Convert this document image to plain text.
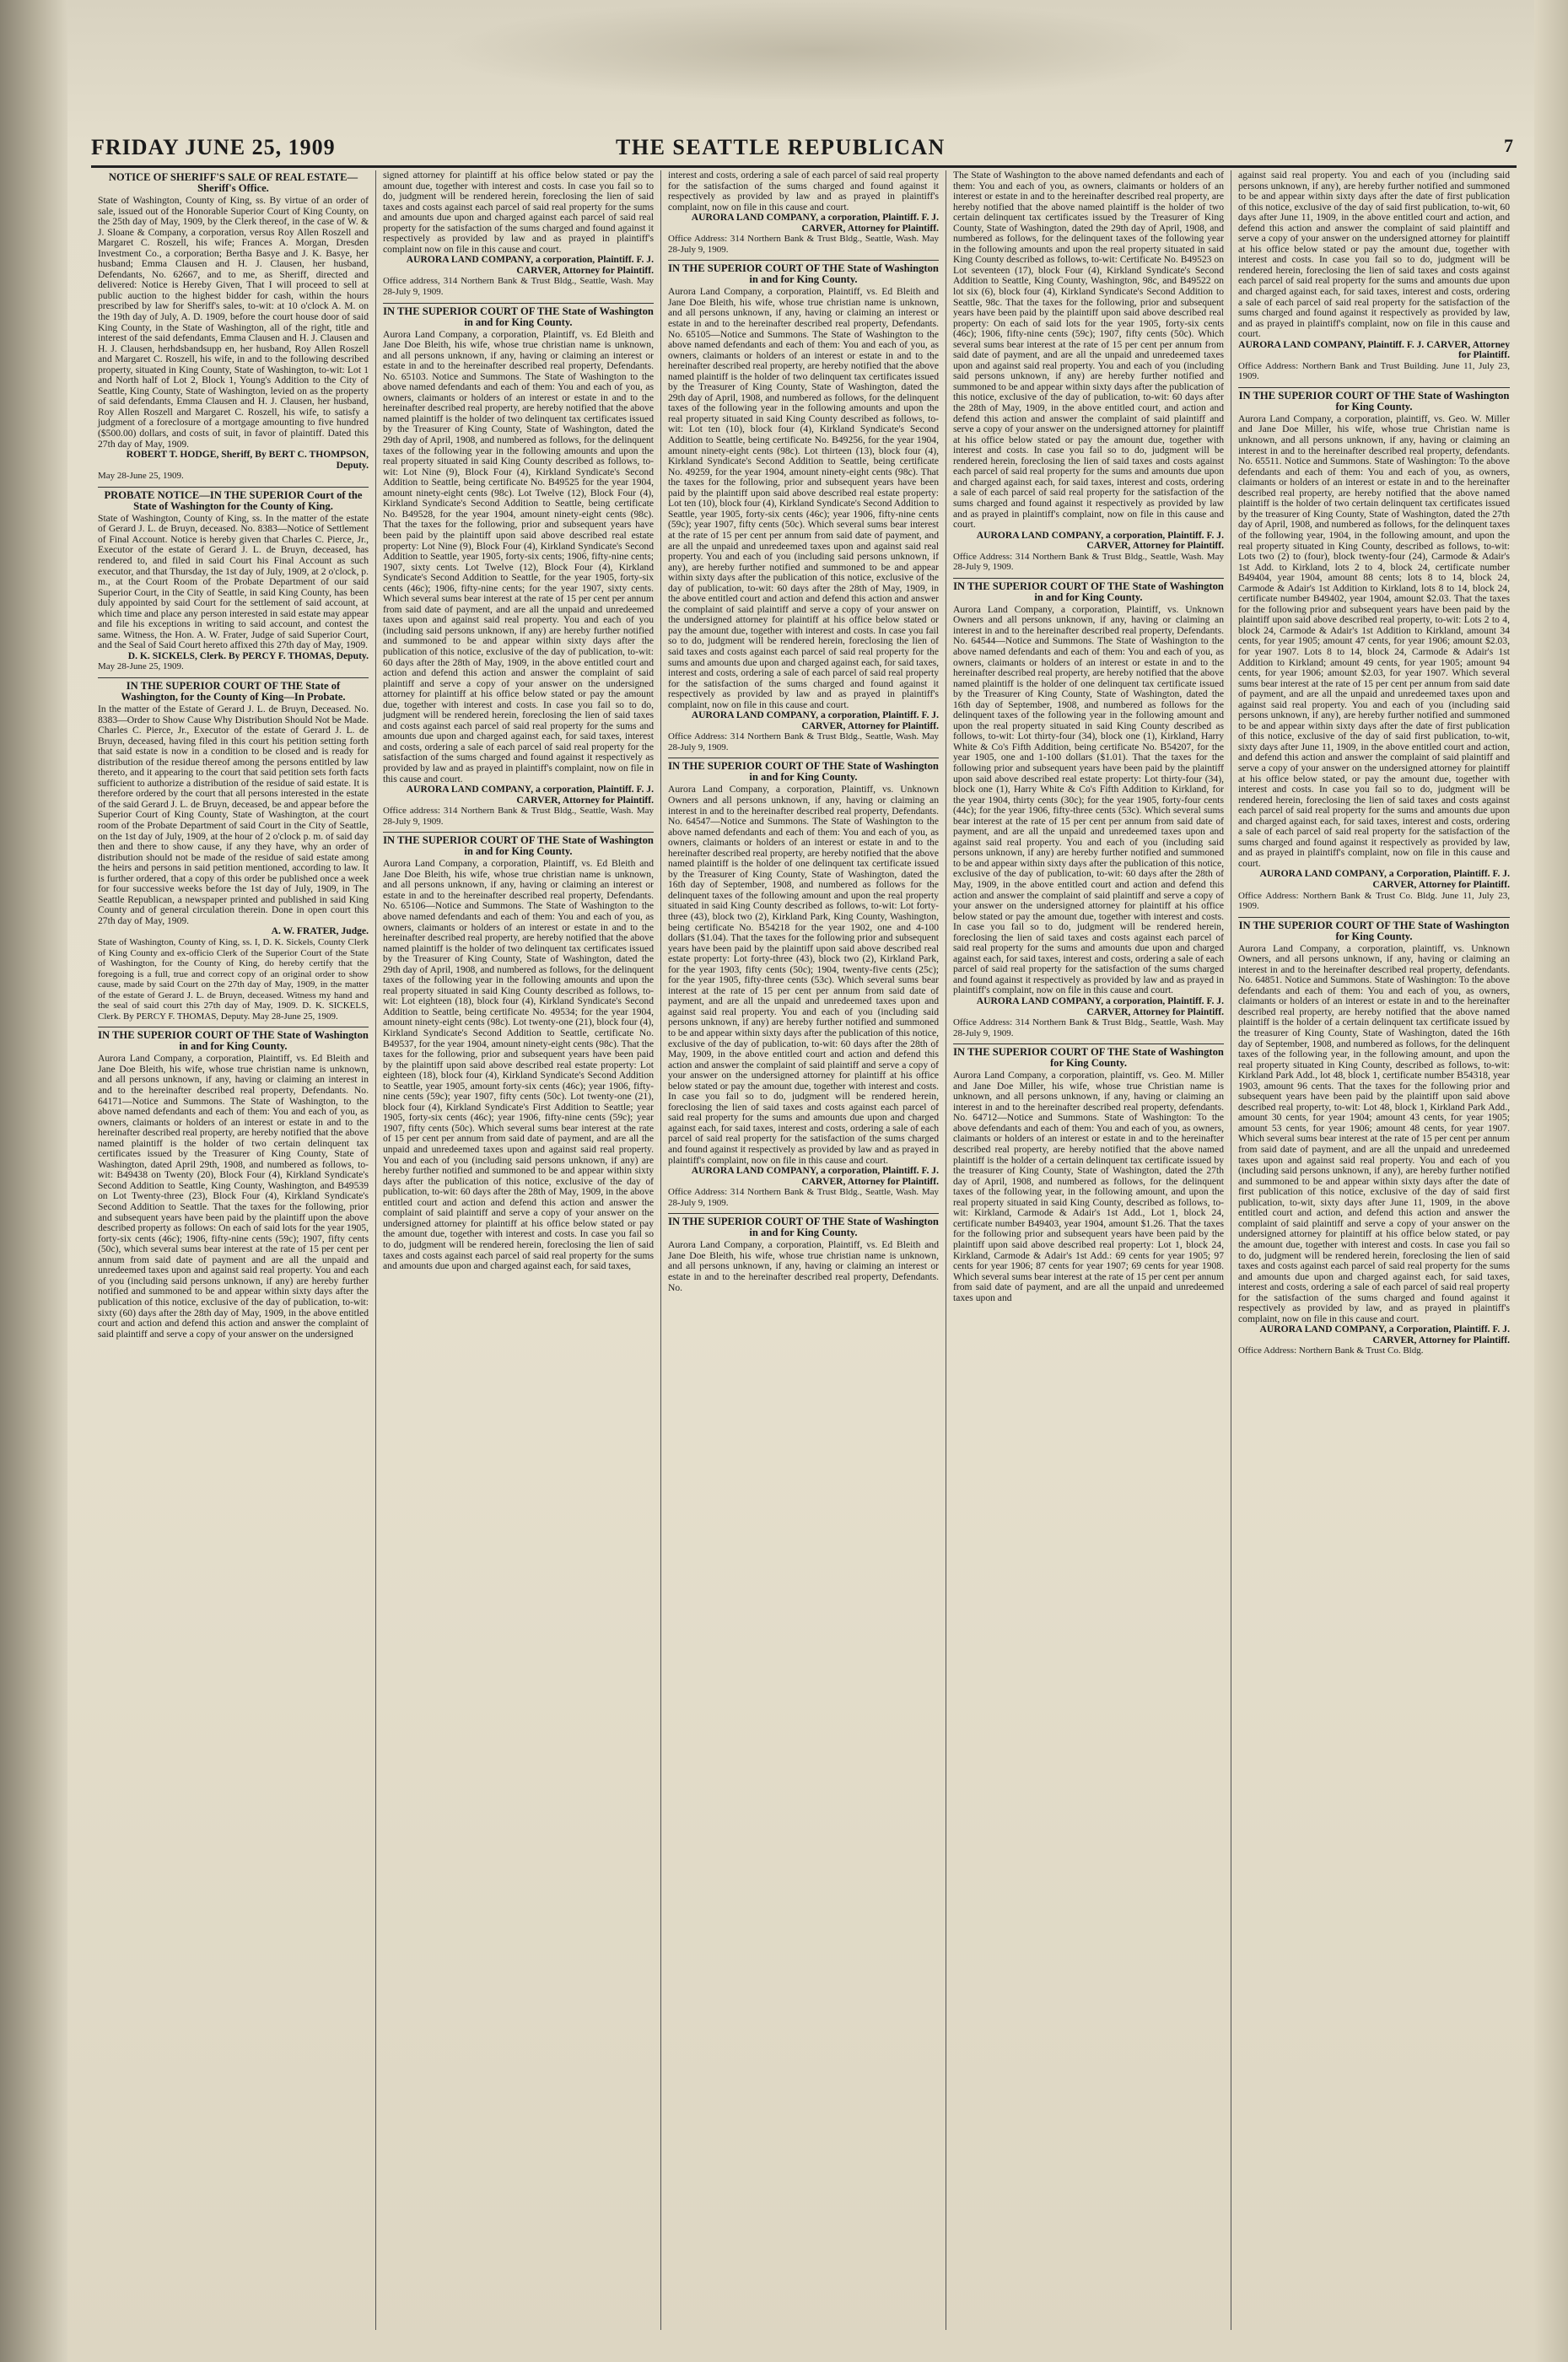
FRIDAY JUNE 25, 1909	THE SEATTLE REPUBLICAN	7
NOTICE OF SHERIFF'S SALE OF REAL ESTATE—Sheriff's Office.
State of Washington, County of King, ss. By virtue of an order of sale, issued out of the Honorable Superior Court of King County, on the 25th day of May, 1909, by the Clerk thereof, in the case of W. & J. Sloane & Company, a corporation, versus Roy Allen Roszell and Margaret C. Roszell, his wife; Frances A. Morgan, Dresden Investment Co., a corporation; Bertha Basye and J. K. Basye, her husband; Emma Clausen and H. J. Clausen, her husband, Defendants, No. 62667, and to me, as Sheriff, directed and delivered: Notice is Hereby Given, That I will proceed to sell at public auction to the highest bidder for cash, within the hours prescribed by law for Sheriff's sales, to-wit: at 10 o'clock A. M. on the 19th day of July, A. D. 1909, before the court house door of said King County, in the State of Washington, all of the right, title and interest of the said defendants, Emma Clausen and H. J. Clausen and H. J. Clausen, herhdsbandsupp en, her husband, Roy Allen Roszell and Margaret C. Roszell, his wife, in and to the following described property, situated in King County, State of Washington, to-wit: Lot 1 and North half of Lot 2, Block 1, Young's Addition to the City of Seattle, King County, State of Washington, levied on as the property of said defendants, Emma Clausen and H. J. Clausen, her husband, Roy Allen Roszell and Margaret C. Roszell, his wife, to satisfy a judgment of a foreclosure of a mortgage amounting to five hundred ($500.00) dollars, and costs of suit, in favor of plaintiff. Dated this 27th day of May, 1909.
ROBERT T. HODGE, Sheriff, By BERT C. THOMPSON, Deputy.
May 28-June 25, 1909.
PROBATE NOTICE—IN THE SUPERIOR Court of the State of Washington for the County of King.
State of Washington, County of King, ss. In the matter of the estate of Gerard J. L. de Bruyn, deceased. No. 8383—Notice of Settlement of Final Account. Notice is hereby given that Charles C. Pierce, Jr., Executor of the estate of Gerard J. L. de Bruyn, deceased, has rendered to, and filed in said Court his Final Account as such executor, and that Thursday, the 1st day of July, 1909, at 2 o'clock, p. m., at the Court Room of the Probate Department of our said Superior Court, in the City of Seattle, in said King County, has been duly appointed by said Court for the settlement of said account, at which time and place any person interested in said estate may appear and file his exceptions in writing to said account, and contest the same. Witness, the Hon. A. W. Frater, Judge of said Superior Court, and the Seal of Said Court hereto affixed this 27th day of May, 1909.
D. K. SICKELS, Clerk. By PERCY F. THOMAS, Deputy.
May 28-June 25, 1909.
IN THE SUPERIOR COURT OF THE State of Washington, for the County of King—In Probate.
In the matter of the Estate of Gerard J. L. de Bruyn, Deceased. No. 8383—Order to Show Cause Why Distribution Should Not be Made. Charles C. Pierce, Jr., Executor of the estate of Gerard J. L. de Bruyn, deceased, having filed in this court his petition setting forth that said estate is now in a condition to be closed and is ready for distribution of the residue thereof among the persons entitled by law thereto, and it appearing to the court that said petition sets forth facts sufficient to authorize a distribution of the residue of said estate. It is therefore ordered by the court that all persons interested in the estate of the said Gerard J. L. de Bruyn, deceased, be and appear before the Superior Court of King County, State of Washington, at the court room of the Probate Department of said Court in the City of Seattle, on the 1st day of July, 1909, at the hour of 2 o'clock p. m. of said day then and there to show cause, if any they have, why an order of distribution should not be made of the residue of said estate among the heirs and persons in said petition mentioned, according to law. It is further ordered, that a copy of this order be published once a week for four successive weeks before the 1st day of July, 1909, in The Seattle Republican, a newspaper printed and published in said King County and of general circulation therein. Done in open court this 27th day of May, 1909.
A. W. FRATER, Judge.
State of Washington, County of King, ss. I, D. K. Sickels, County Clerk of King County and ex-officio Clerk of the Superior Court of the State of Washington, for the County of King, do hereby certify that the foregoing is a full, true and correct copy of an original order to show cause, made by said Court on the 27th day of May, 1909, in the matter of the estate of Gerard J. L. de Bruyn, deceased. Witness my hand and the seal of said court this 27th day of May, 1909. D. K. SICKELS, Clerk. By PERCY F. THOMAS, Deputy. May 28-June 25, 1909.
IN THE SUPERIOR COURT OF THE State of Washington in and for King County.
Aurora Land Company, a corporation, Plaintiff, vs. Ed Bleith and Jane Doe Bleith, his wife, whose true christian name is unknown, and all persons unknown, if any, having or claiming an interest in and to the hereinafter described real property, Defendants. No. 64171—Notice and Summons. The State of Washington, to the above named defendants and each of them: You and each of you, as owners, claimants or holders of an interest or estate in and to the hereinafter described real property, are hereby notified that the above named plaintiff is the holder of two certain delinquent tax certificates issued by the Treasurer of King County, State of Washington, dated April 29th, 1908, and numbered as follows, to-wit: B49438 on Twenty (20), Block Four (4), Kirkland Syndicate's Second Addition to Seattle, King County, Washington, and B49539 on Lot Twenty-three (23), Block Four (4), Kirkland Syndicate's Second Addition to Seattle. That the taxes for the following, prior and subsequent years have been paid by the plaintiff upon the above described property as follows: On each of said lots for the year 1905, forty-six cents (46c); 1906, fifty-nine cents (59c); 1907, fifty cents (50c), which several sums bear interest at the rate of 15 per cent per annum from said date of payment and are all the unpaid and unredeemed taxes upon and against said real property. You and each of you (including said persons unknown, if any) are hereby further notified and summoned to be and appear within sixty days after the publication of this notice, exclusive of the day of publication, to-wit: sixty (60) days after the 28th day of May, 1909, in the above entitled court and action and defend this action and answer the complaint of said plaintiff and serve a copy of your answer on the undersigned
signed attorney for plaintiff at his office below stated or pay the amount due, together with interest and costs. In case you fail so to do, judgment will be rendered herein, foreclosing the lien of said taxes and costs against each parcel of said real property for the sums and amounts due upon and charged against each parcel of said real property for the satisfaction of the sums charged and found against it respectively as provided by law and as prayed in plaintiff's complaint now on file in this cause and court.
AURORA LAND COMPANY, a corporation, Plaintiff. F. J. CARVER, Attorney for Plaintiff.
Office address, 314 Northern Bank & Trust Bldg., Seattle, Wash. May 28-July 9, 1909.
IN THE SUPERIOR COURT OF THE State of Washington in and for King County.
Aurora Land Company, a corporation, Plaintiff, vs. Ed Bleith and Jane Doe Bleith, his wife, whose true christian name is unknown, and all persons unknown, if any, having or claiming an interest or estate in and to the hereinafter described real property, Defendants. No. 65103. Notice and Summons. The State of Washington to the above named defendants and each of them: You and each of you, as owners, claimants or holders of an interest or estate in and to the hereinafter described real property, are hereby notified that the above named plaintiff is the holder of two delinquent tax certificates issued by the Treasurer of King County, State of Washington, dated the 29th day of April, 1908, and numbered as follows, for the delinquent taxes of the following year in the following amounts and upon the real property situated in said King County described as follows, to-wit: Lot Nine (9), Block Four (4), Kirkland Syndicate's Second Addition to Seattle, being certificate No. B49525 for the year 1904, amount ninety-eight cents (98c). Lot Twelve (12), Block Four (4), Kirkland Syndicate's Second Addition to Seattle, being certificate No. B49528, for the year 1904, amount ninety-eight cents (98c). That the taxes for the following, prior and subsequent years have been paid by the plaintiff upon said above described real estate property: Lot Nine (9), Block Four (4), Kirkland Syndicate's Second Addition to Seattle, year 1905, forty-six cents; 1906, fifty-nine cents; 1907, sixty cents. Lot Twelve (12), Block Four (4), Kirkland Syndicate's Second Addition to Seattle, for the year 1905, forty-six cents (46c); 1906, fifty-nine cents; for the year 1907, sixty cents. Which several sums bear interest at the rate of 15 per cent per annum from said date of payment, and are all the unpaid and unredeemed taxes upon and against said real property. You and each of you (including said persons unknown, if any) are hereby further notified and summoned to be and appear within sixty days after the publication of this notice, exclusive of the day of publication, to-wit: 60 days after the 28th of May, 1909, in the above entitled court and action and defend this action and answer the complaint of said plaintiff and serve a copy of your answer on the undersigned attorney for plaintiff at his office below stated or pay the amount due, together with interest and costs. In case you fail so to do, judgment will be rendered herein, foreclosing the lien of said taxes and costs against each parcel of said real property for the sums and amounts due upon and charged against each, for said taxes, interest and costs, ordering a sale of each parcel of said real property for the satisfaction of the sums charged and found against it respectively as provided by law and as prayed in plaintiff's complaint, now on file in this cause and court.
AURORA LAND COMPANY, a corporation, Plaintiff. F. J. CARVER, Attorney for Plaintiff.
Office address: 314 Northern Bank & Trust Bldg., Seattle, Wash. May 28-July 9, 1909.
IN THE SUPERIOR COURT OF THE State of Washington in and for King County.
Aurora Land Company, a corporation, Plaintiff, vs. Ed Bleith and Jane Doe Bleith, his wife, whose true christian name is unknown, and all persons unknown, if any, having or claiming an interest or estate in and to the hereinafter described real property, Defendants. No. 65106—Notice and Summons. The State of Washington to the above named defendants and each of them: You and each of you, as owners, claimants or holders of an interest or estate in and to the hereinafter described real property, are hereby notified that the above named plaintiff is the holder of two delinquent tax certificates issued by the Treasurer of King County, State of Washington, dated the 29th day of April, 1908, and numbered as follows, for the delinquent taxes of the following year in the following amounts and upon the real property situated in said King County described as follows, to-wit: Lot eighteen (18), block four (4), Kirkland Syndicate's Second Addition to Seattle, being certificate No. 49534; for the year 1904, amount ninety-eight cents (98c). Lot twenty-one (21), block four (4), Kirkland Syndicate's Second Addition to Seattle, certificate No. B49537, for the year 1904, amount ninety-eight cents (98c). That the taxes for the following, prior and subsequent years have been paid by the plaintiff upon said above described real estate property: Lot eighteen (18), block four (4), Kirkland Syndicate's Second Addition to Seattle, year 1905, amount forty-six cents (46c); year 1906, fifty-nine cents (59c); year 1907, fifty cents (50c). Lot twenty-one (21), block four (4), Kirkland Syndicate's First Addition to Seattle; year 1905, forty-six cents (46c); year 1906, fifty-nine cents (59c); year 1907, fifty cents (50c). Which several sums bear interest at the rate of 15 per cent per annum from said date of payment, and are all the unpaid and unredeemed taxes upon and against said real property. You and each of you (including said persons unknown, if any) are hereby further notified and summoned to be and appear within sixty days after the publication of this notice, exclusive of the day of publication, to-wit: 60 days after the 28th of May, 1909, in the above entitled court and action and defend this action and answer the complaint of said plaintiff and serve a copy of your answer on the undersigned attorney for plaintiff at his office below stated or pay the amount due, together with interest and costs. In case you fail so to do, judgment will be rendered herein, foreclosing the lien of said taxes and costs against each parcel of said real property for the sums and amounts due upon and charged against each, for said taxes,
interest and costs, ordering a sale of each parcel of said real property for the satisfaction of the sums charged and found against it respectively as provided by law and as prayed in plaintiff's complaint, now on file in this cause and court.
AURORA LAND COMPANY, a corporation, Plaintiff. F. J. CARVER, Attorney for Plaintiff.
Office Address: 314 Northern Bank & Trust Bldg., Seattle, Wash. May 28-July 9, 1909.
IN THE SUPERIOR COURT OF THE State of Washington in and for King County.
Aurora Land Company, a corporation, Plaintiff, vs. Ed Bleith and Jane Doe Bleith, his wife, whose true christian name is unknown, and all persons unknown, if any, having or claiming an interest or estate in and to the hereinafter described real property, Defendants. No. 65105—Notice and Summons. The State of Washington to the above named defendants and each of them: You and each of you, as owners, claimants or holders of an interest or estate in and to the hereinafter described real property, are hereby notified that the above named plaintiff is the holder of two delinquent tax certificates issued by the Treasurer of King County, State of Washington, dated the 29th day of April, 1908, and numbered as follows, for the delinquent taxes of the following year in the following amounts and upon the real property situated in said King County described as follows, to-wit: Lot ten (10), block four (4), Kirkland Syndicate's Second Addition to Seattle, being certificate No. B49256, for the year 1904, amount ninety-eight cents (98c). Lot thirteen (13), block four (4), Kirkland Syndicate's Second Addition to Seattle, being certificate No. 49259, for the year 1904, amount ninety-eight cents (98c). That the taxes for the following, prior and subsequent years have been paid by the plaintiff upon said above described real estate property: Lot ten (10), block four (4), Kirkland Syndicate's Second Addition to Seattle, year 1905, forty-six cents (46c); year 1906, fifty-nine cents (59c); year 1907, fifty cents (50c). Which several sums bear interest at the rate of 15 per cent per annum from said date of payment, and are all the unpaid and unredeemed taxes upon and against said real property. You and each of you (including said persons unknown, if any), are hereby further notified and summoned to be and appear within sixty days after the publication of this notice, exclusive of the day of publication, to-wit: 60 days after the 28th of May, 1909, in the above entitled court and action and defend this action and answer the complaint of said plaintiff and serve a copy of your answer on the undersigned attorney for plaintiff at his office below stated or pay the amount due, together with interest and costs. In case you fail so to do, judgment will be rendered herein, foreclosing the lien of said taxes and costs against each parcel of said real property for the sums and amounts due upon and charged against each, for said taxes, interest and costs, ordering a sale of each parcel of said real property for the satisfaction of the sums charged and found against it respectively as provided by law and as prayed in plaintiff's complaint, now on file in this cause and court.
AURORA LAND COMPANY, a corporation, Plaintiff. F. J. CARVER, Attorney for Plaintiff.
Office Address: 314 Northern Bank & Trust Bldg., Seattle, Wash. May 28-July 9, 1909.
IN THE SUPERIOR COURT OF THE State of Washington in and for King County.
Aurora Land Company, a corporation, Plaintiff, vs. Unknown Owners and all persons unknown, if any, having or claiming an interest in and to the hereinafter described real property, Defendants. No. 64547—Notice and Summons. The State of Washington to the above named defendants and each of them: You and each of you, as owners, claimants or holders of an interest or estate in and to the hereinafter described real property, are hereby notified that the above named plaintiff is the holder of one delinquent tax certificate issued by the Treasurer of King County, State of Washington, dated the 16th day of September, 1908, and numbered as follows for the delinquent taxes of the following amount and upon the real property situated in said King County described as follows, to-wit: Lot forty-three (43), block two (2), Kirkland Park, King County, Washington, being certificate No. B54218 for the year 1902, one and 4-100 dollars ($1.04). That the taxes for the following prior and subsequent years have been paid by the plaintiff upon said above described real estate property: Lot forty-three (43), block two (2), Kirkland Park, for the year 1903, fifty cents (50c); 1904, twenty-five cents (25c); for the year 1905, fifty-three cents (53c). Which several sums bear interest at the rate of 15 per cent per annum from said date of payment, and are all the unpaid and unredeemed taxes upon and against said real property. You and each of you (including said persons unknown, if any) are hereby further notified and summoned to be and appear within sixty days after the publication of this notice, exclusive of the day of publication, to-wit: 60 days after the 28th of May, 1909, in the above entitled court and action and defend this action and answer the complaint of said plaintiff and serve a copy of your answer on the undersigned attorney for plaintiff at his office below stated or pay the amount due, together with interest and costs. In case you fail so to do, judgment will be rendered herein, foreclosing the lien of said taxes and costs against each parcel of said real property for the sums and amounts due upon and charged against each, for said taxes, interest and costs, ordering a sale of each parcel of said real property for the satisfaction of the sums charged and found against it respectively as provided by law and as prayed in plaintiff's complaint, now on file in this cause and court.
AURORA LAND COMPANY, a corporation, Plaintiff. F. J. CARVER, Attorney for Plaintiff.
Office Address: 314 Northern Bank & Trust Bldg., Seattle, Wash. May 28-July 9, 1909.
IN THE SUPERIOR COURT OF THE State of Washington in and for King County.
Aurora Land Company, a corporation, Plaintiff, vs. Ed Bleith and Jane Doe Bleith, his wife, whose true christian name is unknown, and all persons unknown, if any, having or claiming an interest or estate in and to the hereinafter described real property, Defendants. No.
The State of Washington to the above named defendants and each of them: You and each of you, as owners, claimants or holders of an interest or estate in and to the hereinafter described real property, are hereby notified that the above named plaintiff is the holder of two certain delinquent tax certificates issued by the Treasurer of King County, State of Washington, dated the 29th day of April, 1908, and numbered as follows, for the delinquent taxes of the following year in the following amounts and upon the real property situated in said King County described as follows, to-wit: Certificate No. B49523 on Lot seventeen (17), block Four (4), Kirkland Syndicate's Second Addition to Seattle, King County, Washington, 98c, and B49522 on lot six (6), block four (4), Kirkland Syndicate's Second Addition to Seattle, 98c. That the taxes for the following, prior and subsequent years have been paid by the plaintiff upon said above described real property: On each of said lots for the year 1905, forty-six cents (46c); 1906, fifty-nine cents (59c); 1907, fifty cents (50c). Which several sums bear interest at the rate of 15 per cent per annum from said date of payment, and are all the unpaid and unredeemed taxes upon and against said real property. You and each of you (including said persons unknown, if any) are hereby further notified and summoned to be and appear within sixty days after the publication of this notice, exclusive of the day of publication, to-wit: 60 days after the 28th of May, 1909, in the above entitled court, and action and defend this action and answer the complaint of said plaintiff and serve a copy of your answer on the undersigned attorney for plaintiff at his office below stated or pay the amount due, together with interest and costs. In case you fail so to do, judgment will be rendered herein, foreclosing the lien of said taxes and costs against each parcel of said real property for the sums and amounts due upon and charged against each, for said taxes, interest and costs, ordering a sale of each parcel of said real property for the satisfaction of the sums charged and found against it respectively as provided by law and as prayed in plaintiff's complaint, now on file in this cause and court.
AURORA LAND COMPANY, a corporation, Plaintiff. F. J. CARVER, Attorney for Plaintiff.
Office Address: 314 Northern Bank & Trust Bldg., Seattle, Wash. May 28-July 9, 1909.
IN THE SUPERIOR COURT OF THE State of Washington in and for King County.
Aurora Land Company, a corporation, Plaintiff, vs. Unknown Owners and all persons unknown, if any, having or claiming an interest in and to the hereinafter described real property, Defendants. No. 64544—Notice and Summons. The State of Washington to the above named defendants and each of them: You and each of you, as owners, claimants or holders of an interest or estate in and to the hereinafter described real property, are hereby notified that the above named plaintiff is the holder of one delinquent tax certificate issued by the Treasurer of King County, State of Washington, dated the 16th day of September, 1908, and numbered as follows for the delinquent taxes of the following year in the following amount and upon the real property situated in said King County described as follows, to-wit: Lot thirty-four (34), block one (1), Kirkland, Harry White & Co's Fifth Addition, being certificate No. B54207, for the year 1905, one and 1-100 dollars ($1.01). That the taxes for the following prior and subsequent years have been paid by the plaintiff upon said above described real estate property: Lot thirty-four (34), block one (1), Harry White & Co's Fifth Addition to Kirkland, for the year 1904, thirty cents (30c); for the year 1905, forty-four cents (44c); for the year 1906, fifty-three cents (53c). Which several sums bear interest at the rate of 15 per cent per annum from said date of payment, and are all the unpaid and unredeemed taxes upon and against said real property. You and each of you (including said persons unknown, if any) are hereby further notified and summoned to be and appear within sixty days after the publication of this notice, exclusive of the day of publication, to-wit: 60 days after the 28th of May, 1909, in the above entitled court and action and defend this action and answer the complaint of said plaintiff and serve a copy of your answer on the undersigned attorney for plaintiff at his office below stated or pay the amount due, together with interest and costs. In case you fail so to do, judgment will be rendered herein, foreclosing the lien of said taxes and costs against each parcel of said real property for the sums and amounts due upon and charged against each, for said taxes, interest and costs, ordering a sale of each parcel of said real property for the satisfaction of the sums charged and found against it respectively as provided by law and as prayed in plaintiff's complaint, now on file in this cause and court.
AURORA LAND COMPANY, a corporation, Plaintiff. F. J. CARVER, Attorney for Plaintiff.
Office Address: 314 Northern Bank & Trust Bldg., Seattle, Wash. May 28-July 9, 1909.
IN THE SUPERIOR COURT OF THE State of Washington for King County.
Aurora Land Company, a corporation, plaintiff, vs. Geo. M. Miller and Jane Doe Miller, his wife, whose true Christian name is unknown, and all persons unknown, if any, having or claiming an interest in and to the hereinafter described real property, defendants. No. 64712—Notice and Summons. State of Washington: To the above defendants and each of them: You and each of you, as owners, claimants or holders of an interest or estate in and to the hereinafter described real property, are hereby notified that the above named plaintiff is the holder of a certain delinquent tax certificate issued by the treasurer of King County, State of Washington, dated the 27th day of April, 1908, and numbered as follows, for the delinquent taxes of the following year, in the following amount, and upon the real property situated in said King County, described as follows, to-wit: Kirkland, Carmode & Adair's 1st Add., Lot 1, block 24, certificate number B49403, year 1904, amount $1.26. That the taxes for the following prior and subsequent years have been paid by the plaintiff upon said above described real property: Lot 1, block 24, Kirkland, Carmode & Adair's 1st Add.: 69 cents for year 1905; 97 cents for year 1906; 87 cents for year 1907; 69 cents for year 1908. Which several sums bear interest at the rate of 15 per cent per annum from said date of payment, and are all the unpaid and unredeemed taxes upon and
against said real property. You and each of you (including said persons unknown, if any), are hereby further notified and summoned to be and appear within sixty days after the date of first publication of this notice, exclusive of the day of said first publication, to-wit, 60 days after June 11, 1909, in the above entitled court and action, and defend this action and answer the complaint of said plaintiff and serve a copy of your answer on the undersigned attorney for plaintiff at his office below stated or pay the amount due, together with interest and costs. In case you fail so to do, judgment will be rendered herein, foreclosing the lien of said taxes and costs against each parcel of said real property for the sums and amounts due upon and charged against each, for said taxes, interest and costs, ordering a sale of each parcel of said real property for the satisfaction of the sums charged and found against it respectively as provided by law, and as prayed in plaintiff's complaint, now on file in this cause and court.
AURORA LAND COMPANY, Plaintiff. F. J. CARVER, Attorney for Plaintiff.
Office Address: Northern Bank and Trust Building. June 11, July 23, 1909.
IN THE SUPERIOR COURT OF THE State of Washington for King County.
Aurora Land Company, a corporation, plaintiff, vs. Geo. W. Miller and Jane Doe Miller, his wife, whose true Christian name is unknown, and all persons unknown, if any, having or claiming an interest in and to the hereinafter described real property, defendants. No. 65511. Notice and Summons. State of Washington: To the above defendants and each of them: You and each of you, as owners, claimants or holders of an interest or estate in and to the hereinafter described real property, are hereby notified that the above named plaintiff is the holder of two certain delinquent tax certificates issued by the treasurer of King County, State of Washington, dated the 27th day of April, 1908, and numbered as follows, for the delinquent taxes of the following year, 1904, in the following amount, and upon the real property situated in King County, described as follows, to-wit: Lots two (2) to (four), block twenty-four (24), Carmode & Adair's 1st Add. to Kirkland, lots 2 to 4, block 24, certificate number B49404, year 1904, amount 88 cents; lots 8 to 14, block 24, Carmode & Adair's 1st Addition to Kirkland, lots 8 to 14, block 24, certificate number B49402, year 1904, amount $2.03. That the taxes for the following prior and subsequent years have been paid by the plaintiff upon said above described real property, to-wit: Lots 2 to 4, block 24, Carmode & Adair's 1st Addition to Kirkland, amount 34 cents, for year 1905; amount 47 cents, for year 1906; amount $2.03, for year 1907. Lots 8 to 14, block 24, Carmode & Adair's 1st Addition to Kirkland; amount 49 cents, for year 1905; amount 94 cents, for year 1906; amount $2.03, for year 1907. Which several sums bear interest at the rate of 15 per cent per annum from said date of payment, and are all the unpaid and unredeemed taxes upon and against said real property. You and each of you (including said persons unknown, if any), are hereby further notified and summoned to be and appear within sixty days after the date of first publication of this notice, exclusive of the day of said first publication, to-wit, sixty days after June 11, 1909, in the above entitled court and action, and defend this action and answer the complaint of said plaintiff and serve a copy of your answer on the undersigned attorney for plaintiff at his office below stated, or pay the amount due, together with interest and costs. In case you fail so to do, judgment will be rendered herein, foreclosing the lien of said taxes and costs against each parcel of said real property for the sums and amounts due upon and charged against each, for said taxes, interest and costs, ordering a sale of each parcel of said real property for the satisfaction of the sums charged and found against it respectively as provided by law, and as prayed in plaintiff's complaint, now on file in this cause and court.
AURORA LAND COMPANY, a Corporation, Plaintiff. F. J. CARVER, Attorney for Plaintiff.
Office Address: Northern Bank & Trust Co. Bldg. June 11, July 23, 1909.
IN THE SUPERIOR COURT OF THE State of Washington for King County.
Aurora Land Company, a corporation, plaintiff, vs. Unknown Owners, and all persons unknown, if any, having or claiming an interest in and to the hereinafter described real property, defendants. No. 64851. Notice and Summons. State of Washington: To the above defendants and each of them: You and each of you, as owners, claimants or holders of an interest or estate in and to the hereinafter described real property, are hereby notified that the above named plaintiff is the holder of a certain delinquent tax certificate issued by the treasurer of King County, State of Washington, dated the 16th day of September, 1908, and numbered as follows, for the delinquent taxes of the following year, in the following amount, and upon the real property situated in King County, described as follows, to-wit: Kirkland Park Add., lot 48, block 1, certificate number B54318, year 1903, amount 96 cents. That the taxes for the following prior and subsequent years have been paid by the plaintiff upon said above described real property, to-wit: Lot 48, block 1, Kirkland Park Add., amount 30 cents, for year 1904; amount 43 cents, for year 1905; amount 53 cents, for year 1906; amount 48 cents, for year 1907. Which several sums bear interest at the rate of 15 per cent per annum from said date of payment, and are all the unpaid and unredeemed taxes upon and against said real property. You and each of you (including said persons unknown, if any), are hereby further notified and summoned to be and appear within sixty days after the date of first publication of this notice, exclusive of the day of said first publication, to-wit, sixty days after June 11, 1909, in the above entitled court and action, and defend this action and answer the complaint of said plaintiff and serve a copy of your answer on the undersigned attorney for plaintiff at his office below stated, or pay the amount due, together with interest and costs. In case you fail so to do, judgment will be rendered herein, foreclosing the lien of said taxes and costs against each parcel of said real property for the sums and amounts due upon and charged against each, for said taxes, interest and costs, ordering a sale of each parcel of said real property for the satisfaction of the sums charged and found against it respectively as provided by law, and as prayed in plaintiff's complaint, now on file in this cause and court.
AURORA LAND COMPANY, a Corporation, Plaintiff. F. J. CARVER, Attorney for Plaintiff.
Office Address: Northern Bank & Trust Co. Bldg.
